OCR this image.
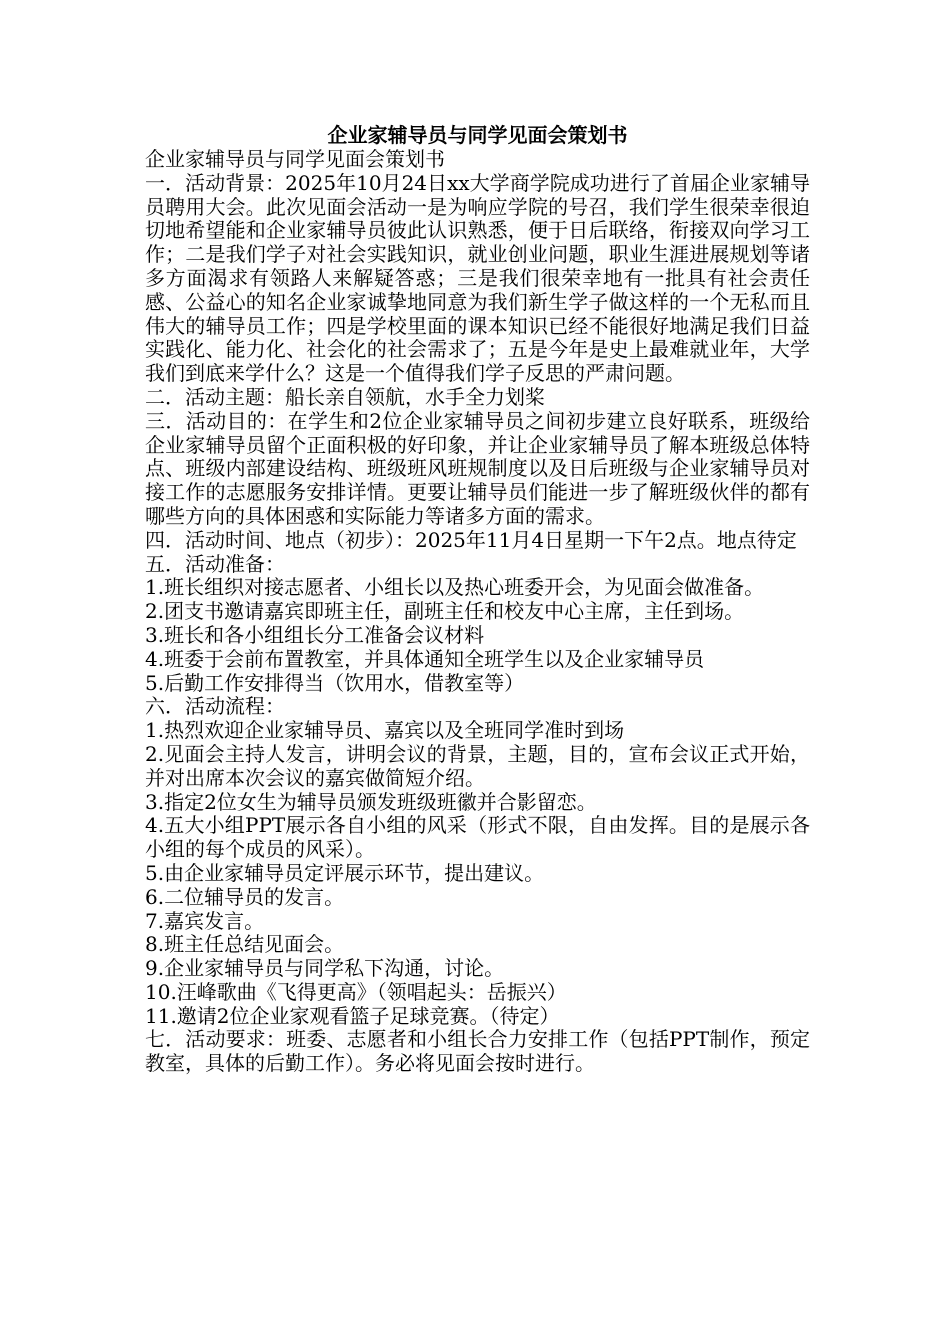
企业家辅导员与同学见面会策划书

企业家辅导员与同学见面会策划书

一．活动背景：2025年10月24日xx大学商学院成功进行了首届企业家辅导员聘用大会。此次见面会活动一是为响应学院的号召，我们学生很荣幸很迫切地希望能和企业家辅导员彼此认识熟悉，便于日后联络，衔接双向学习工作；二是我们学子对社会实践知识，就业创业问题，职业生涯进展规划等诸多方面渴求有领路人来解疑答惑；三是我们很荣幸地有一批具有社会责任感、公益心的知名企业家诚挚地同意为我们新生学子做这样的一个无私而且伟大的辅导员工作；四是学校里面的课本知识已经不能很好地满足我们日益实践化、能力化、社会化的社会需求了；五是今年是史上最难就业年，大学我们到底来学什么？这是一个值得我们学子反思的严肃问题。

二．活动主题：船长亲自领航，水手全力划桨

三．活动目的：在学生和2位企业家辅导员之间初步建立良好联系，班级给企业家辅导员留个正面积极的好印象，并让企业家辅导员了解本班级总体特点、班级内部建设结构、班级班风班规制度以及日后班级与企业家辅导员对接工作的志愿服务安排详情。更要让辅导员们能进一步了解班级伙伴的都有哪些方向的具体困惑和实际能力等诸多方面的需求。

四．活动时间、地点（初步）：2025年11月4日星期一下午2点。地点待定

五．活动准备：

1.班长组织对接志愿者、小组长以及热心班委开会，为见面会做准备。

2.团支书邀请嘉宾即班主任，副班主任和校友中心主席，主任到场。

3.班长和各小组组长分工准备会议材料

4.班委于会前布置教室，并具体通知全班学生以及企业家辅导员

5.后勤工作安排得当（饮用水，借教室等）

六．活动流程：

1.热烈欢迎企业家辅导员、嘉宾以及全班同学准时到场

2.见面会主持人发言，讲明会议的背景，主题，目的，宣布会议正式开始，并对出席本次会议的嘉宾做简短介绍。

3.指定2位女生为辅导员颁发班级班徽并合影留恋。

4.五大小组PPT展示各自小组的风采（形式不限，自由发挥。目的是展示各小组的每个成员的风采）。

5.由企业家辅导员定评展示环节，提出建议。

6.二位辅导员的发言。

7.嘉宾发言。

8.班主任总结见面会。

9.企业家辅导员与同学私下沟通，讨论。

10.汪峰歌曲《飞得更高》（领唱起头：岳振兴）

11.邀请2位企业家观看篮子足球竞赛。（待定）

七．活动要求：班委、志愿者和小组长合力安排工作（包括PPT制作，预定教室，具体的后勤工作）。务必将见面会按时进行。
